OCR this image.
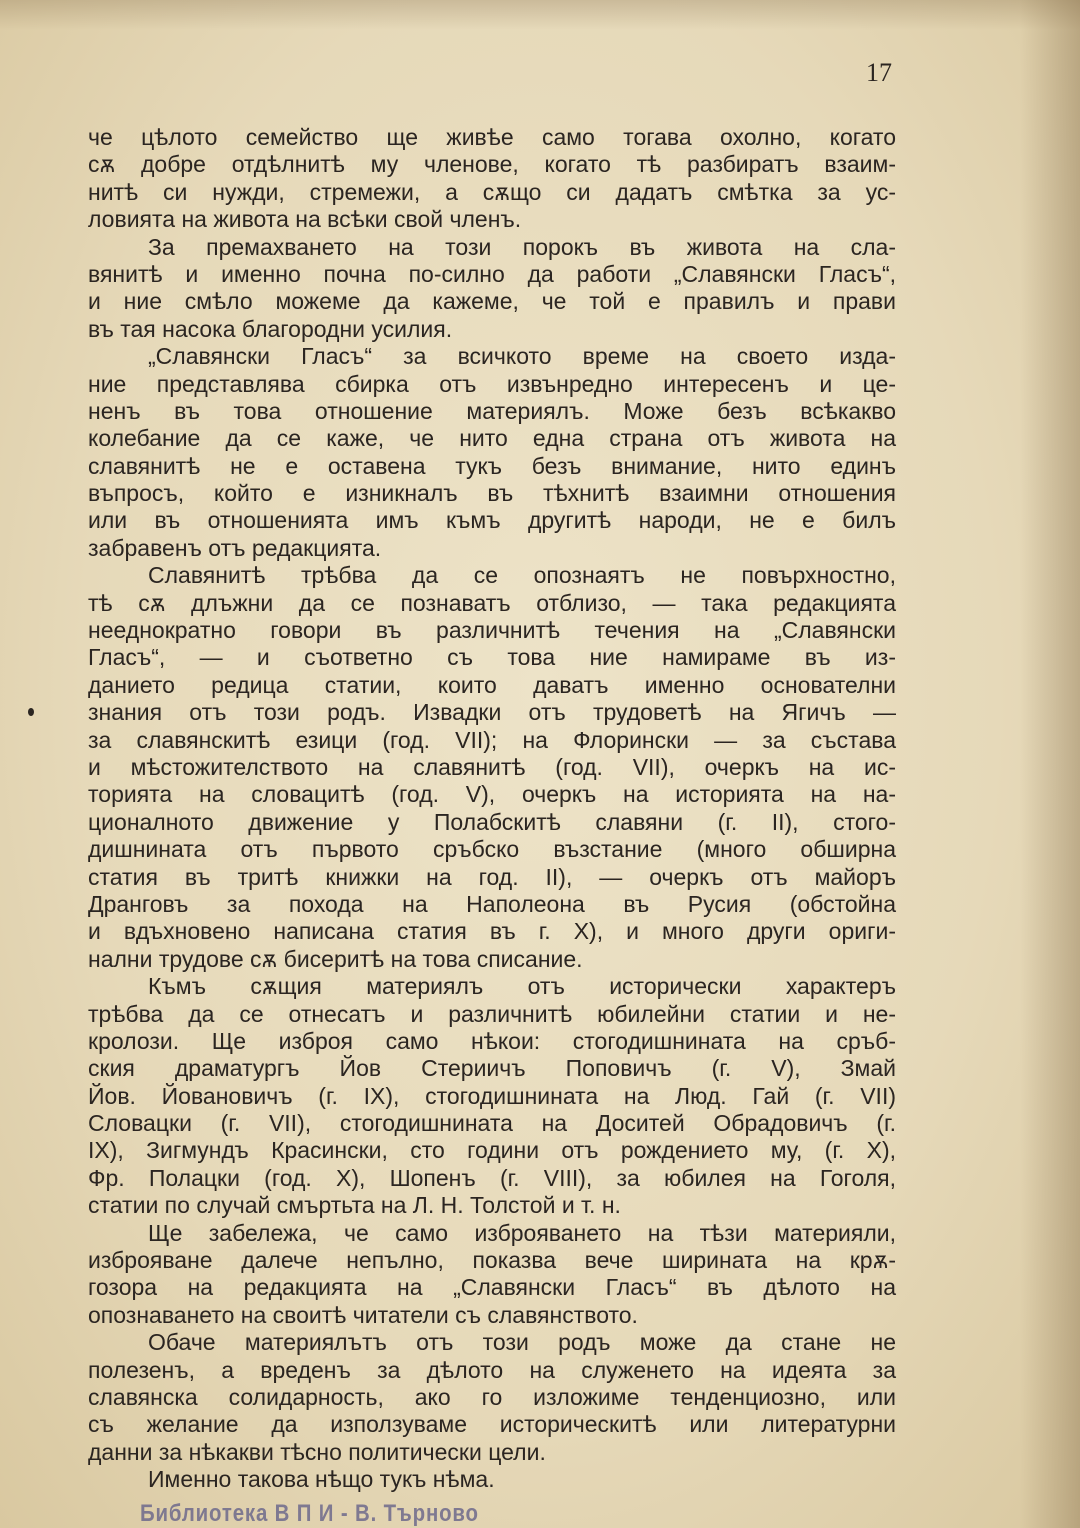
17
че цѣлото семейство ще живѣе само тогава охолно, когато
сѫ добре отдѣлнитѣ му членове, когато тѣ разбиратъ взаим-
нитѣ си нужди, стремежи, а сѫщо си дадатъ смѣтка за ус-
ловията на живота на всѣки свой членъ.
За премахването на този порокъ въ живота на сла-
вянитѣ и именно почна по-силно да работи „Славянски Гласъ“,
и ние смѣло можеме да кажеме, че той е правилъ и прави
въ тая насока благородни усилия.
„Славянски Гласъ“ за всичкото време на своето изда-
ние представлява сбирка отъ извънредно интересенъ и це-
ненъ въ това отношение материялъ. Може безъ всѣкакво
колебание да се каже, че нито една страна отъ живота на
славянитѣ не е оставена тукъ безъ внимание, нито единъ
въпросъ, който е изникналъ въ тѣхнитѣ взаимни отношения
или въ отношенията имъ къмъ другитѣ народи, не е билъ
забравенъ отъ редакцията.
Славянитѣ трѣбва да се опознаятъ не повърхностно,
тѣ сѫ длъжни да се познаватъ отблизо, — така редакцията
нееднократно говори въ различнитѣ течения на „Славянски
Гласъ“, — и съответно съ това ние намираме въ из-
данието редица статии, които даватъ именно основателни
знания отъ този родъ. Извадки отъ трудоветѣ на Ягичъ —
за славянскитѣ езици (год. VII); на Флорински — за състава
и мѣстожителството на славянитѣ (год. VII), очеркъ на ис-
торията на словацитѣ (год. V), очеркъ на историята на на-
ционалното движение у Полабскитѣ славяни (г. II), стого-
дишнината отъ първото сръбско възстание (много обширна
статия въ тритѣ книжки на год. II), — очеркъ отъ майоръ
Дранговъ за похода на Наполеона въ Русия (обстойна
и вдъхновено написана статия въ г. X), и много други ориги-
нални трудове сѫ бисеритѣ на това списание.
Къмъ сѫщия материялъ отъ исторически характеръ
трѣбва да се отнесатъ и различнитѣ юбилейни статии и не-
кролози. Ще изброя само нѣкои: стогодишнината на сръб-
ския драматургъ Йов Стериичъ Поповичъ (г. V), Змай
Йов. Йовановичъ (г. IX), стогодишнината на Люд. Гай (г. VII)
Словацки (г. VII), стогодишнината на Доситей Обрадовичъ (г.
IX), Зигмундъ Красински, сто години отъ рождението му, (г. X),
Фр. Полацки (год. X), Шопенъ (г. VIII), за юбилея на Гоголя,
статии по случай смъртьта на Л. Н. Толстой и т. н.
Ще забележа, че само изброяването на тѣзи материяли,
изброяване далече непълно, показва вече ширината на крѫ-
гозора на редакцията на „Славянски Гласъ“ въ дѣлото на
опознаването на своитѣ читатели съ славянството.
Обаче материялътъ отъ този родъ може да стане не
полезенъ, а вреденъ за дѣлото на служенето на идеята за
славянска солидарность, ако го изложиме тенденциозно, или
съ желание да използуваме историческитѣ или литературни
данни за нѣкакви тѣсно политически цели.
Именно такова нѣщо тукъ нѣма.
Библиотека В П И - В. Търново
